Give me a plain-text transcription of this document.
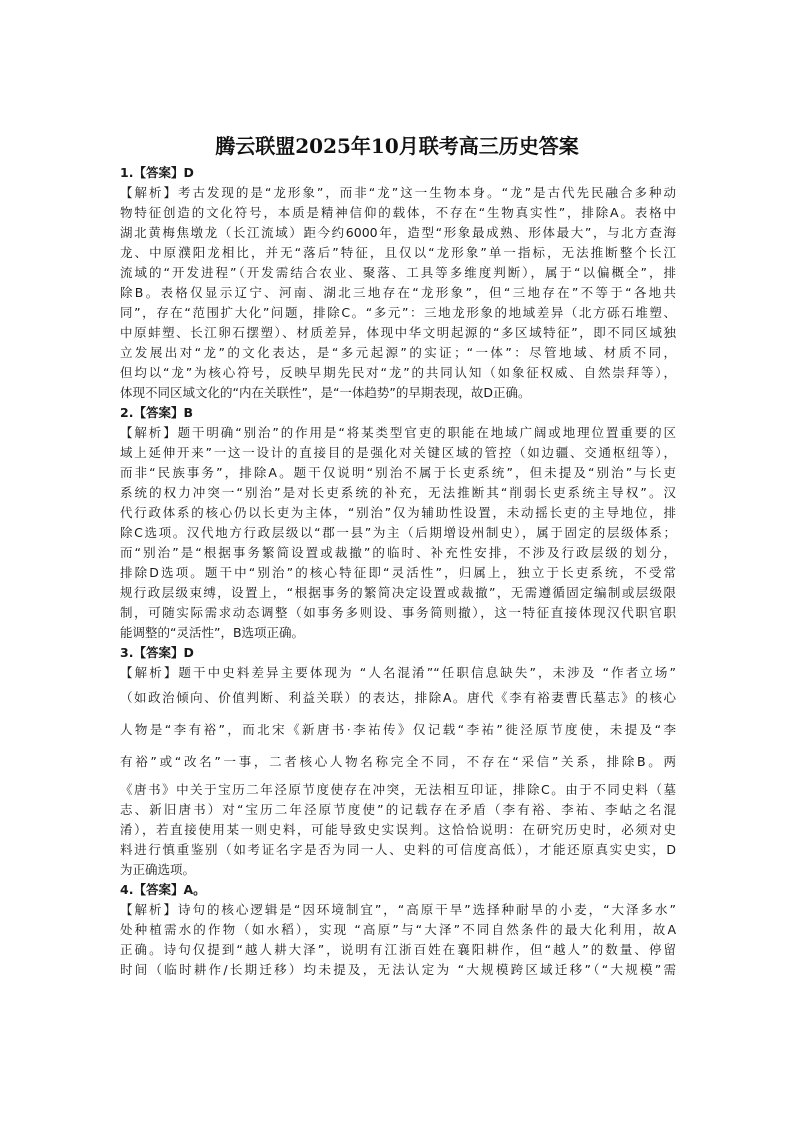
腾云联盟2025年10月联考高三历史答案
1.【答案】D
【解析】考古发现的是“龙形象”，而非“龙”这一生物本身。“龙”是古代先民融合多种动
物特征创造的文化符号，本质是精神信仰的载体，不存在“生物真实性”，排除A。表格中
湖北黄梅焦墩龙（长江流域）距今约6000年，造型“形象最成熟、形体最大”，与北方查海
龙、中原濮阳龙相比，并无“落后”特征，且仅以“龙形象”单一指标，无法推断整个长江
流域的“开发进程”（开发需结合农业、聚落、工具等多维度判断），属于“以偏概全”，排
除B。表格仅显示辽宁、河南、湖北三地存在“龙形象”，但“三地存在”不等于“各地共
同”，存在“范围扩大化”问题，排除C。“多元”：三地龙形象的地域差异（北方砾石堆塑、
中原蚌塑、长江卵石摆塑）、材质差异，体现中华文明起源的“多区域特征”，即不同区域独
立发展出对“龙”的文化表达，是“多元起源”的实证；“一体”：尽管地域、材质不同，
但均以“龙”为核心符号，反映早期先民对“龙”的共同认知（如象征权威、自然崇拜等），
体现不同区域文化的“内在关联性”，是“一体趋势”的早期表现，故D正确。
2.【答案】B
【解析】题干明确“别治”的作用是“将某类型官吏的职能在地域广阔或地理位置重要的区
域上延伸开来”一这一设计的直接目的是强化对关键区域的管控（如边疆、交通枢纽等），
而非“民族事务”，排除A。题干仅说明“别治不属于长吏系统”，但未提及“别治”与长吏
系统的权力冲突一“别治”是对长吏系统的补充，无法推断其“削弱长吏系统主导权”。汉
代行政体系的核心仍以长吏为主体，“别治”仅为辅助性设置，未动摇长吏的主导地位，排
除C选项。汉代地方行政层级以“郡一县”为主（后期增设州制史），属于固定的层级体系；
而“别治”是“根据事务繁简设置或裁撤”的临时、补充性安排，不涉及行政层级的划分，
排除D选项。题干中“别治”的核心特征即“灵活性”，归属上，独立于长吏系统，不受常
规行政层级束缚，设置上，“根据事务的繁简决定设置或裁撤”，无需遵循固定编制或层级限
制，可随实际需求动态调整（如事务多则设、事务简则撤），这一特征直接体现汉代职官职
能调整的“灵活性”，B选项正确。
3.【答案】D
【解析】题干中史料差异主要体现为 “人名混淆”“任职信息缺失”，未涉及 “作者立场”
（如政治倾向、价值判断、利益关联）的表达，排除A。唐代《李有裕妻曹氏墓志》的核心
人物是“李有裕”，而北宋《新唐书·李祐传》仅记载“李祐”徙泾原节度使，未提及“李
有裕”或“改名”一事，二者核心人物名称完全不同，不存在“采信”关系，排除B。两
《唐书》中关于宝历二年泾原节度使存在冲突，无法相互印证，排除C。由于不同史料（墓
志、新旧唐书）对“宝历二年泾原节度使”的记载存在矛盾（李有裕、李祐、李岵之名混
淆），若直接使用某一则史料，可能导致史实误判。这恰恰说明：在研究历史时，必须对史
料进行慎重鉴别（如考证名字是否为同一人、史料的可信度高低），才能还原真实史实，D
为正确选项。
4.【答案】A。
【解析】诗句的核心逻辑是“因环境制宜”，“高原干旱”选择种耐旱的小麦，“大泽多水”
处种植需水的作物（如水稻），实现 “高原”与“大泽”不同自然条件的最大化利用，故A
正确。诗句仅提到“越人耕大泽”，说明有江浙百姓在襄阳耕作，但“越人”的数量、停留
时间（临时耕作/长期迁移）均未提及，无法认定为 “大规模跨区域迁移”（“大规模”需
